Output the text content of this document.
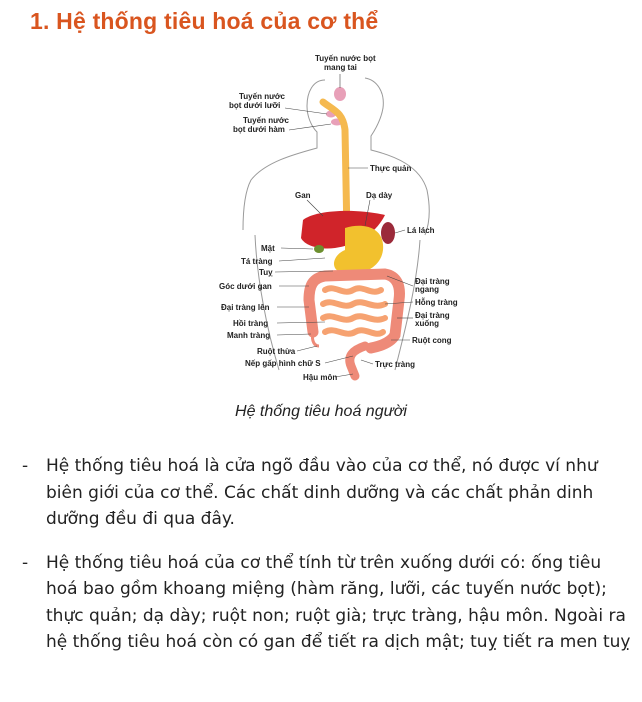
1. Hệ thống tiêu hoá của cơ thể
Tuyến nước bọt
mang tai
Tuyến nước
bọt dưới lưỡi
Tuyến nước
bọt dưới hàm
Thực quản
Gan	Dạ dày
Lá lách
Mật
Tá tràng
Tuỵ
Góc dưới gan
Đại tràng
ngang
Hỗng tràng
Đại tràng lên
Đại tràng
xuống
Hồi tràng
Manh tràng
Ruột cong
Ruột thừa
Nếp gấp hình chữ S	Trực tràng
Hậu môn
Hệ thống tiêu hoá người
- Hệ thống tiêu hoá là cửa ngõ đầu vào của cơ thể, nó được ví như biên giới của cơ thể. Các chất dinh dưỡng và các chất phản dinh dưỡng đều đi qua đây.
- Hệ thống tiêu hoá của cơ thể tính từ trên xuống dưới có: ống tiêu hoá bao gồm khoang miệng (hàm răng, lưỡi, các tuyến nước bọt); thực quản; dạ dày; ruột non; ruột già; trực tràng, hậu môn. Ngoài ra hệ thống tiêu hoá còn có gan để tiết ra dịch mật; tuỵ tiết ra men tuỵ
